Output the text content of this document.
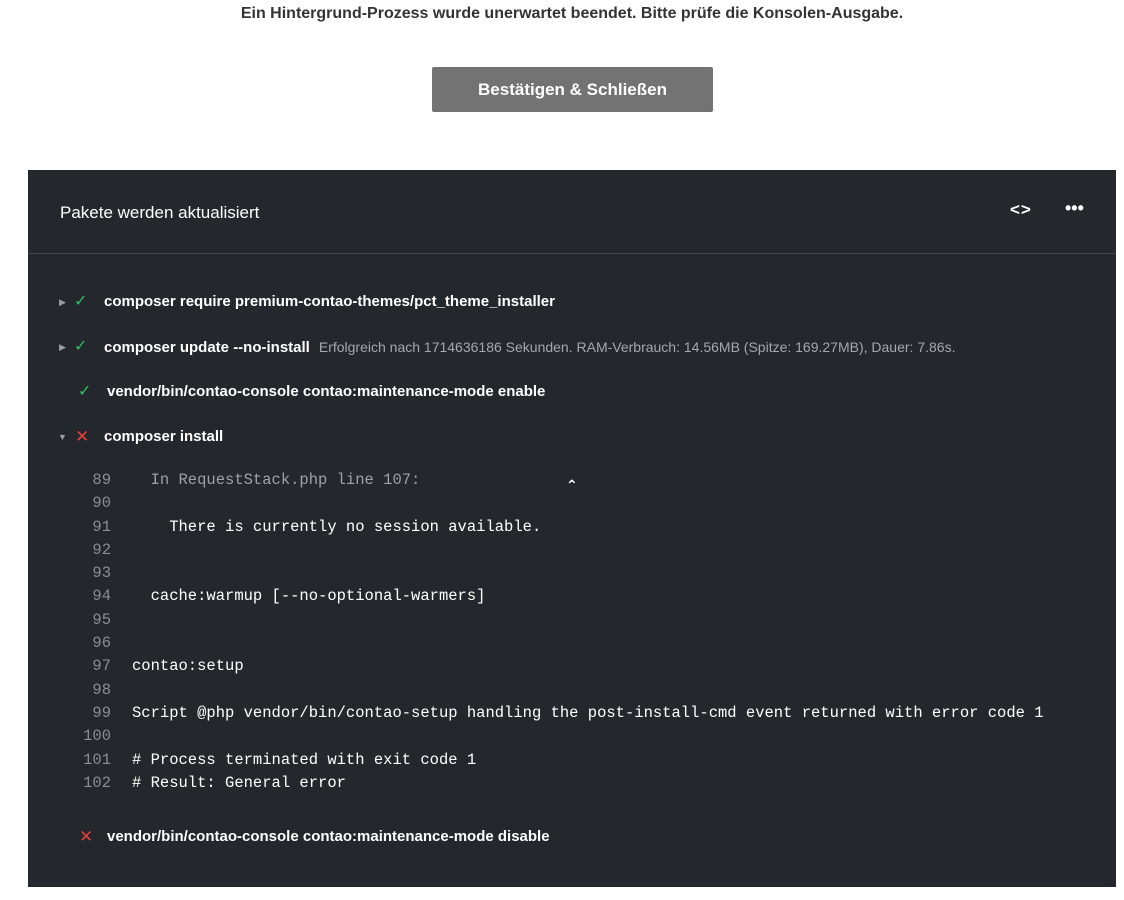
Ein Hintergrund-Prozess wurde unerwartet beendet. Bitte prüfe die Konsolen-Ausgabe.
Bestätigen & Schließen
Pakete werden aktualisiert	<> •••
▶ ✓ composer require premium-contao-themes/pct_theme_installer
▶ ✓ composer update --no-install Erfolgreich nach 1714636186 Sekunden. RAM-Verbrauch: 14.56MB (Spitze: 169.27MB), Dauer: 7.86s.
✓ vendor/bin/contao-console contao:maintenance-mode enable
▼ ✕ composer install
⌃
89 In RequestStack.php line 107:
90
91 There is currently no session available.
92
93
94 cache:warmup [--no-optional-warmers]
95
96
97 contao:setup
98
99 Script @php vendor/bin/contao-setup handling the post-install-cmd event returned with error code 1
100
101 # Process terminated with exit code 1
102 # Result: General error
✕ vendor/bin/contao-console contao:maintenance-mode disable
